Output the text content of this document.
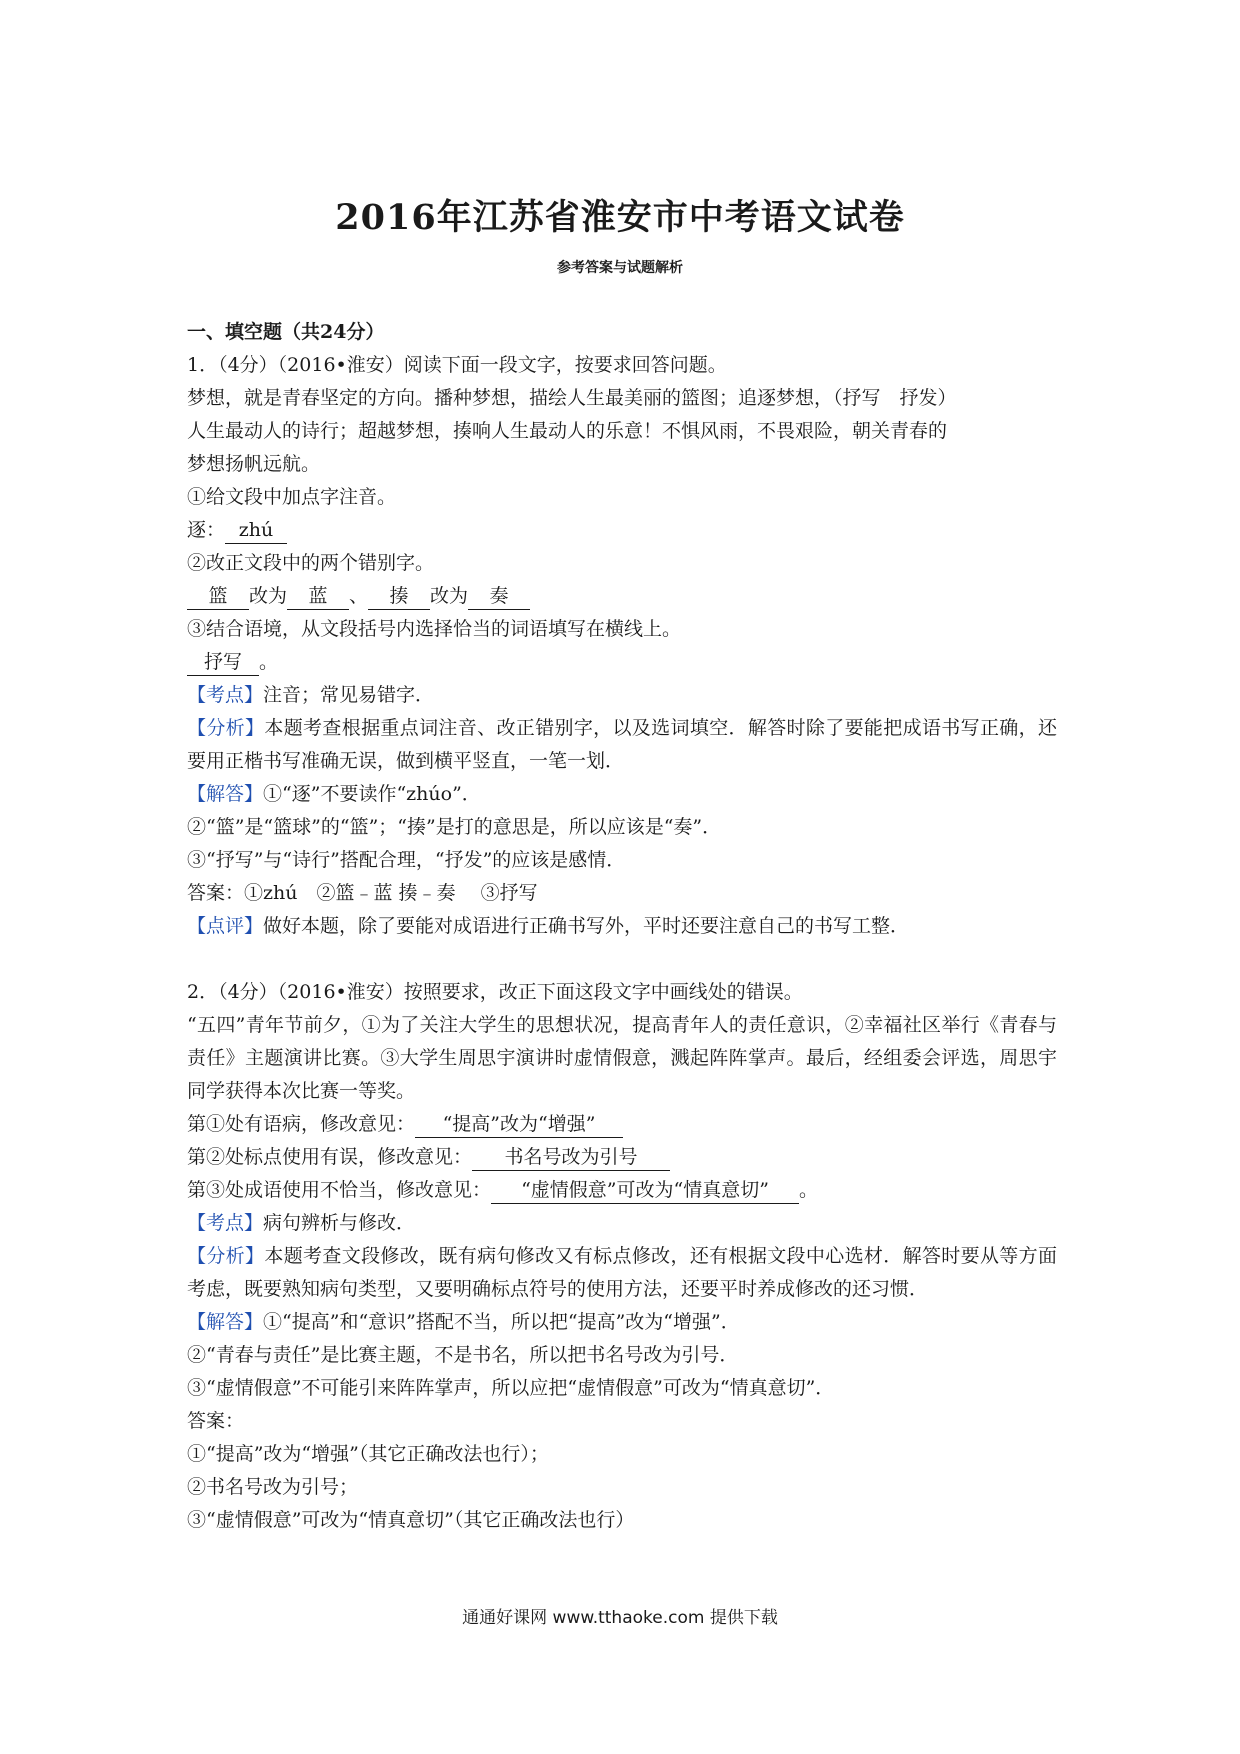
2016年江苏省淮安市中考语文试卷
参考答案与试题解析

一、填空题（共24分）

1．（4分）（2016•淮安）阅读下面一段文字，按要求回答问题。

梦想，就是青春坚定的方向。播种梦想，描绘人生最美丽的篮图；追逐梦想，（抒写　抒发）

人生最动人的诗行；超越梦想，揍响人生最动人的乐意！不惧风雨，不畏艰险，朝关青春的

梦想扬帆远航。

①给文段中加点字注音。

逐： zhú

②改正文段中的两个错别字。

篮 改为 蓝 、 揍 改为 奏

③结合语境，从文段括号内选择恰当的词语填写在横线上。

抒写 。

【考点】注音；常见易错字．

【分析】本题考查根据重点词注音、改正错别字，以及选词填空．解答时除了要能把成语书写正确，还要用正楷书写准确无误，做到横平竖直，一笔一划．

【解答】①“逐”不要读作“zhúo”．

②“篮”是“篮球”的“篮”；“揍”是打的意思是，所以应该是“奏”．

③“抒写”与“诗行”搭配合理，“抒发”的应该是感情．

答案：①zhú　②篮﹣蓝 揍﹣奏　 ③抒写

【点评】做好本题，除了要能对成语进行正确书写外，平时还要注意自己的书写工整．

2．（4分）（2016•淮安）按照要求，改正下面这段文字中画线处的错误。

“五四”青年节前夕，①为了关注大学生的思想状况，提高青年人的责任意识，②幸福社区举行《青春与责任》主题演讲比赛。③大学生周思宇演讲时虚情假意，溅起阵阵掌声。最后，经组委会评选，周思宇同学获得本次比赛一等奖。

第①处有语病，修改意见： “提高”改为“增强”

第②处标点使用有误，修改意见： 书名号改为引号

第③处成语使用不恰当，修改意见： “虚情假意”可改为“情真意切” 。

【考点】病句辨析与修改．

【分析】本题考查文段修改，既有病句修改又有标点修改，还有根据文段中心选材．解答时要从等方面考虑，既要熟知病句类型，又要明确标点符号的使用方法，还要平时养成修改的还习惯．

【解答】①“提高”和“意识”搭配不当，所以把“提高”改为“增强”．

②“青春与责任”是比赛主题，不是书名，所以把书名号改为引号．

③“虚情假意”不可能引来阵阵掌声，所以应把“虚情假意”可改为“情真意切”．

答案：

①“提高”改为“增强”（其它正确改法也行）；

②书名号改为引号；

③“虚情假意”可改为“情真意切”（其它正确改法也行）

通通好课网 www.tthaoke.com 提供下载
